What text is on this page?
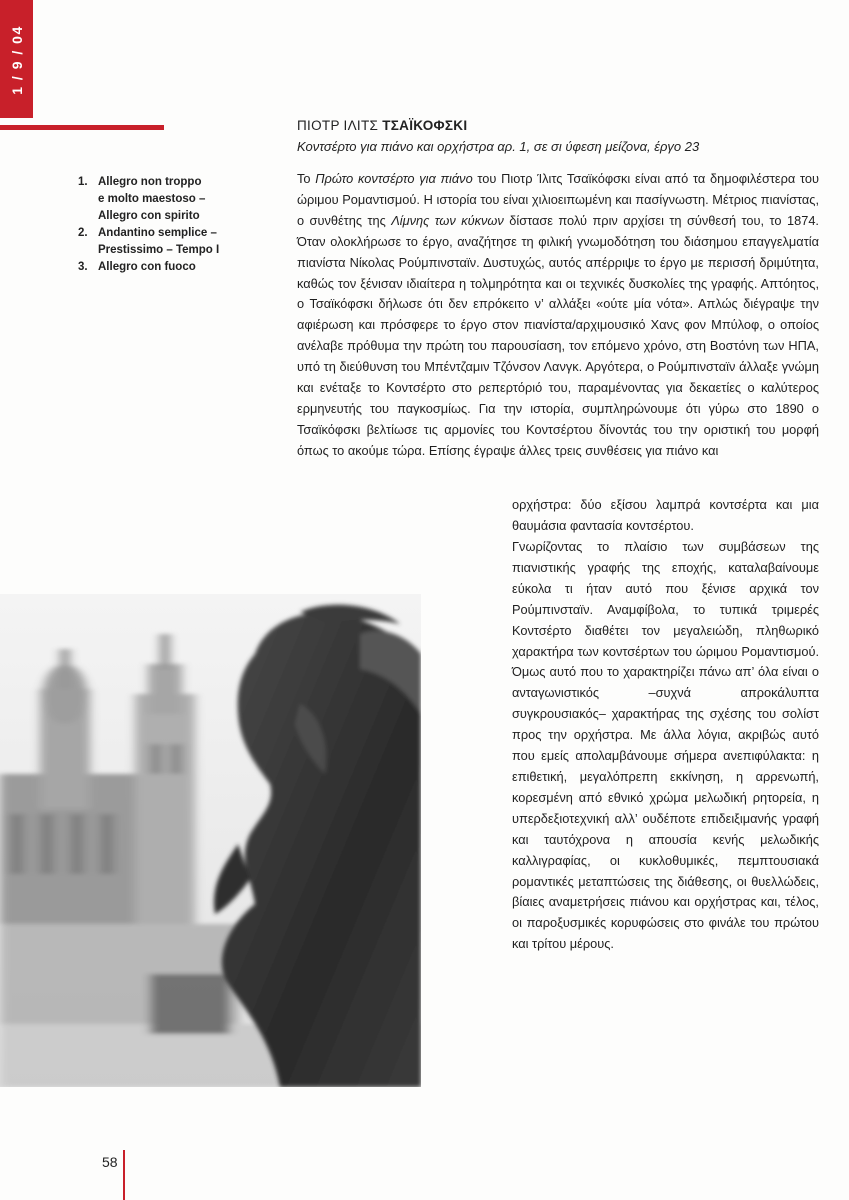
1 / 9 / 04
1. Allegro non troppo
e molto maestoso –
Allegro con spirito
2. Andantino semplice –
Prestissimo – Tempo I
3. Allegro con fuoco
ΠΙΟΤΡ ΙΛΙΤΣ ΤΣΑΪΚΟΦΣΚΙ
Κοντσέρτο για πιάνο και ορχήστρα αρ. 1, σε σι ύφεση μείζονα, έργο 23

Το Πρώτο κοντσέρτο για πιάνο του Πιοτρ Ίλιτς Τσαϊκόφσκι είναι από τα δημοφιλέστερα του ώριμου Ρομαντισμού. Η ιστορία του είναι χιλιοειπωμένη και πασίγνωστη. Μέτριος πιανίστας, ο συνθέτης της Λίμνης των κύκνων δίστασε πολύ πριν αρχίσει τη σύνθεσή του, το 1874. Όταν ολοκλήρωσε το έργο, αναζήτησε τη φιλική γνωμοδότηση του διάσημου επαγγελματία πιανίστα Νίκολας Ρούμπινσταϊν. Δυστυχώς, αυτός απέρριψε το έργο με περισσή δριμύτητα, καθώς τον ξένισαν ιδιαίτερα η τολμηρότητα και οι τεχνικές δυσκολίες της γραφής. Απτόητος, ο Τσαϊκόφσκι δήλωσε ότι δεν επρόκειτο ν’ αλλάξει «ούτε μία νότα». Απλώς διέγραψε την αφιέρωση και πρόσφερε το έργο στον πιανίστα/αρχιμουσικό Χανς φον Μπύλοφ, ο οποίος ανέλαβε πρόθυμα την πρώτη του παρουσίαση, τον επόμενο χρόνο, στη Βοστόνη των ΗΠΑ, υπό τη διεύθυνση του Μπέντζαμιν Τζόνσον Λανγκ. Αργότερα, ο Ρούμπινσταϊν άλλαξε γνώμη και ενέταξε το Κοντσέρτο στο ρεπερτόριό του, παραμένοντας για δεκαετίες ο καλύτερος ερμηνευτής του παγκοσμίως. Για την ιστορία, συμπληρώνουμε ότι γύρω στο 1890 ο Τσαϊκόφσκι βελτίωσε τις αρμονίες του Κοντσέρτου δίνοντάς του την οριστική του μορφή όπως το ακούμε τώρα. Επίσης έγραψε άλλες τρεις συνθέσεις για πιάνο και

ορχήστρα: δύο εξίσου λαμπρά κοντσέρτα και μια θαυμάσια φαντασία κοντσέρτου.

Γνωρίζοντας το πλαίσιο των συμβάσεων της πιανιστικής γραφής της εποχής, καταλαβαίνουμε εύκολα τι ήταν αυτό που ξένισε αρχικά τον Ρούμπινσταϊν. Αναμφίβολα, το τυπικά τριμερές Κοντσέρτο διαθέτει τον μεγαλειώδη, πληθωρικό χαρακτήρα των κοντσέρτων του ώριμου Ρομαντισμού. Όμως αυτό που το χαρακτηρίζει πάνω απ’ όλα είναι ο ανταγωνιστικός –συχνά απροκάλυπτα συγκρουσιακός– χαρακτήρας της σχέσης του σολίστ προς την ορχήστρα. Με άλλα λόγια, ακριβώς αυτό που εμείς απολαμβάνουμε σήμερα ανεπιφύλακτα: η επιθετική, μεγαλόπρεπη εκκίνηση, η αρρενωπή, κορεσμένη από εθνικό χρώμα μελωδική ρητορεία, η υπερδεξιοτεχνική αλλ’ ουδέποτε επιδειξιμανής γραφή και ταυτόχρονα η απουσία κενής μελωδικής καλλιγραφίας, οι κυκλοθυμικές, πεμπτουσιακά ρομαντικές μεταπτώσεις της διάθεσης, οι θυελλώδεις, βίαιες αναμετρήσεις πιάνου και ορχήστρας και, τέλος, οι παροξυσμικές κορυφώσεις στο φινάλε του πρώτου και τρίτου μέρους.

58
